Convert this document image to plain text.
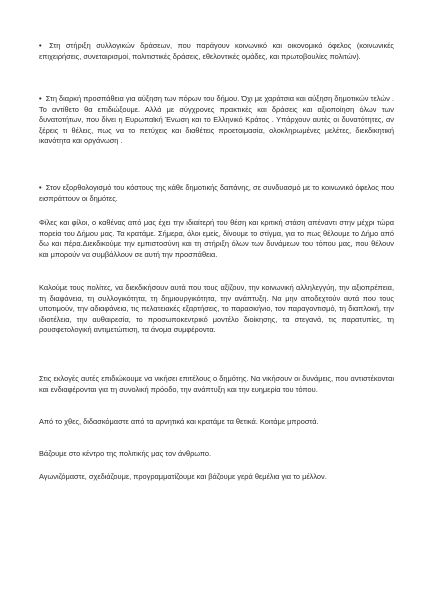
• Στη στήριξη συλλογικών δράσεων, που παράγουν κοινωνικό και οικονομικό όφελος (κοινωνικές επιχειρήσεις, συνεταιρισμοί, πολιτιστικές δράσεις, εθελοντικές ομάδες, και πρωτοβουλίες πολιτών).

• Στη διαρκή προσπάθεια για αύξηση των πόρων του δήμου. Όχι με χαράτσια και αύξηση δημοτικών τελών . Το αντίθετο θα επιδιώξουμε. Αλλά με σύγχρονες πρακτικές και δράσεις και αξιοποίηση όλων των δυνατοτήτων, που δίνει η Ευρωπαϊκή Ένωση και το Ελληνικό Κράτος . Υπάρχουν αυτές οι δυνατότητες, αν ξέρεις τι θέλεις, πως να το πετύχεις και διαθέτεις προετοιμασία, ολοκληρωμένες μελέτες, διεκδικητική ικανότητα και οργάνωση .

• Στον εξορθολογισμό του κόστους της κάθε δημοτικής δαπάνης, σε συνδυασμό με το κοινωνικό όφελος που εισπράττουν οι δημότες.

Φίλες και φίλοι, ο καθένας από μας έχει την ιδιαίτερή του θέση και κριτική στάση απέναντι στην μέχρι τώρα πορεία του Δήμου μας. Τα κρατάμε. Σήμερα, όλοι εμείς, δίνουμε το στίγμα, για το πως θέλουμε το Δήμο από δω και πέρα.Διεκδικούμε την εμπιστοσύνη και τη στήριξη όλων των δυνάμεων του τόπου μας, που θέλουν και μπορούν να συμβάλλουν σε αυτή την προσπάθεια.

Καλούμε τους πολίτες, να διεκδικήσουν αυτά που τους αξίζουν, την κοινωνική αλληλεγγύη, την αξιοπρέπεια, τη διαφάνεια, τη συλλογικότητα, τη δημιουργικότητα, την ανάπτυξη. Να μην αποδεχτούν αυτά που τους υποτιμούν, την αδιαφάνεια, τις πελατειακές εξαρτήσεις, το παρασκήνιο, τον παραγοντισμό, τη διαπλοκή, την ιδιοτέλεια, την αυθαιρεσία, το προσωποκεντρικό μοντέλο διοίκησης, τα στεγανά, τις παρατυπίες, τη ρουσφετολογική αντιμετώπιση, τα άνομα συμφέροντα.

Στις εκλογές αυτές επιδιώκουμε να νικήσει επιτέλους ο δημότης. Να νικήσουν οι δυνάμεις, που αντιστέκονται και ενδιαφέρονται για τη συνολική πρόοδο, την ανάπτυξη και την ευημερία του τόπου.

Από το χθες, διδασκόμαστε από τα αρνητικά και κρατάμε τα θετικά. Κοιτάμε μπροστά.

Βάζουμε στο κέντρο της πολιτικής μας τον άνθρωπο.

Αγωνιζόμαστε, σχεδιάζουμε, προγραμματίζουμε και βάζουμε γερά θεμέλια για το μέλλον.
